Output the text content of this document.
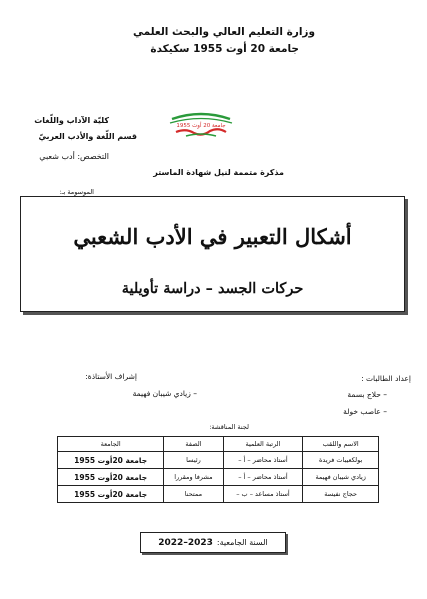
وزارة التعليم العالي والبحث العلمي
جامعة 20 أوت 1955 سكيكدة
جامعة 20 أوت 1955
كليّة الآداب واللّغات
قسم اللّغة والأدب العربيّ
التخصص: أدب شعبي
مذكرة متممة لنيل شهادة الماستر
الموسومة بـ:
أشكال التعبير في الأدب الشعبي
حركات الجسد – دراسة تأويلية
إعداد الطالبات :
– حلاج بسمة
– عاصب خولة
إشراف الأستاذة:
– زيادي شيبان فهيمة
لجنة المناقشة:
الاسم واللقب	الرتبة العلمية	الصفة	الجامعة
بولكعيبات فريدة	أستاذ محاضر – أ –	رئيسا	جامعة 20أوت 1955
زيادي شيبان فهيمة	أستاذ محاضر – أ –	مشرفا ومقررا	جامعة 20أوت 1955
حجاج نفيسة	أستاذ مساعد – ب –	ممتحنا	جامعة 20أوت 1955
السنة الجامعية:
2022–2023
